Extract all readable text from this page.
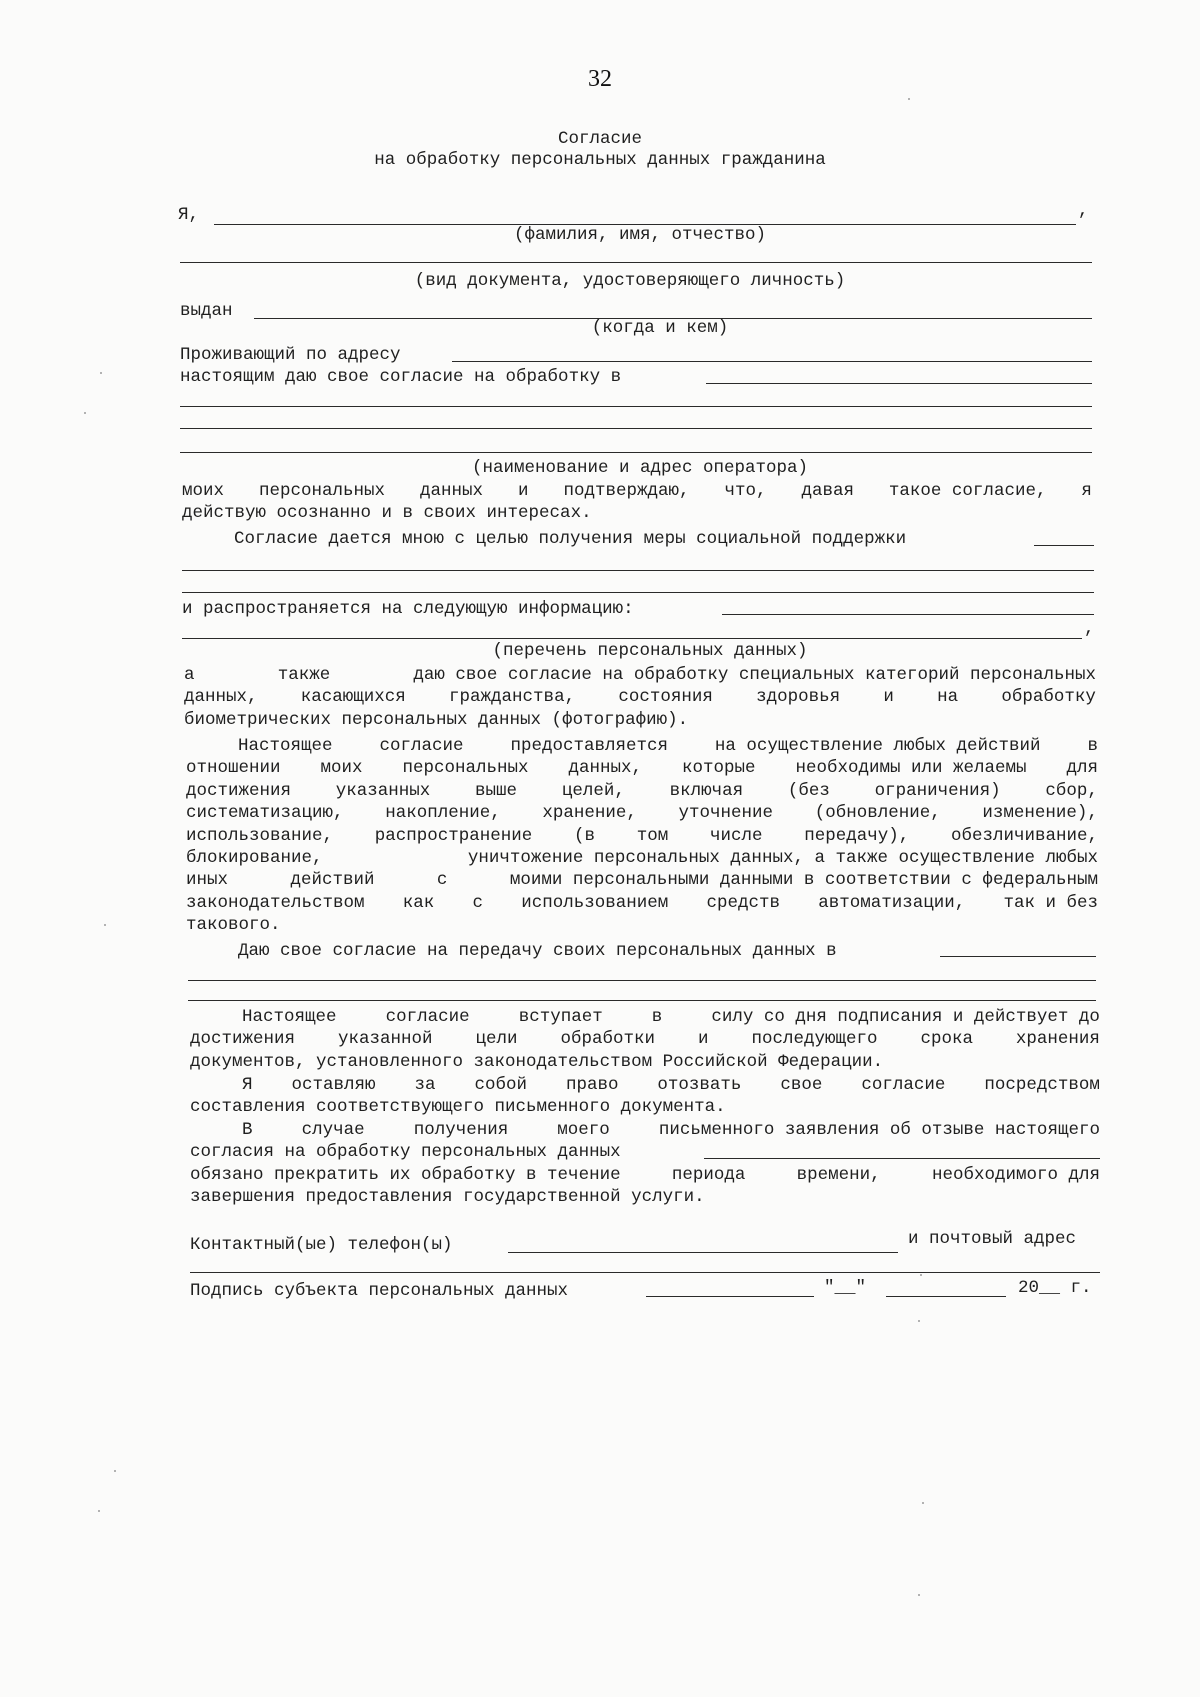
32
Согласие
на обработку персональных данных гражданина
Я,	,
(фамилия, имя, отчество)
(вид документа, удостоверяющего личность)
выдан
(когда и кем)
Проживающий по адресу
настоящим даю свое согласие на обработку в
(наименование и адрес оператора)
моих персональных данных и подтверждаю, что, давая такое согласие, я
действую осознанно и в своих интересах.
Согласие дается мною с целью получения меры социальной поддержки
и распространяется на следующую информацию:
,
(перечень персональных данных)
а	также	даю свое согласие на обработку специальных категорий персональных
данных, касающихся гражданства, состояния здоровья и на обработку
биометрических персональных данных (фотографию).
Настоящее	согласие	предоставляется	на осуществление любых действий	в
отношении моих персональных данных, которые необходимы или желаемы для
достижения	указанных	выше	целей,	включая	(без	ограничения)	сбор,
систематизацию, накопление, хранение, уточнение (обновление, изменение),
использование, распространение (в том числе передачу), обезличивание,
блокирование,	уничтожение персональных данных, а также осуществление любых
иных	действий	с	моими персональными данными в соответствии с федеральным
законодательством как с использованием средств автоматизации, так и без
такового.
Даю свое согласие на передачу своих персональных данных в
Настоящее	согласие	вступает	в	силу со дня подписания и действует до
достижения указанной цели обработки и последующего срока хранения
документов, установленного законодательством Российской Федерации.
Я оставляю за собой право отозвать свое согласие посредством
составления соответствующего письменного документа.
В	случае	получения	моего	письменного заявления об отзыве настоящего
согласия на обработку персональных данных
обязано прекратить их обработку в течение	периода	времени,	необходимого для
завершения предоставления государственной услуги.
Контактный(ые) телефон(ы)	и почтовый адрес
Подпись субъекта персональных данных	"__"	20__ г.
